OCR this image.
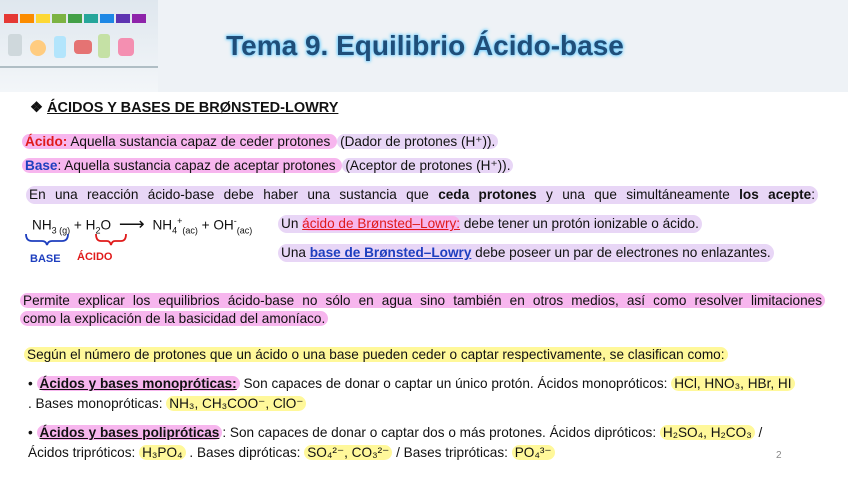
Tema 9. Equilibrio Ácido-base
❖ ÁCIDOS Y BASES DE BRØNSTED-LOWRY
Ácido: Aquella sustancia capaz de ceder protones (Dador de protones (H⁺)).
Base: Aquella sustancia capaz de aceptar protones (Aceptor de protones (H⁺)).
En una reacción ácido-base debe haber una sustancia que ceda protones y una que simultáneamente los acepte:
$NH_{3 (g)} + H_2O$ ⟶ $NH_4^+_{(ac)} + OH^-_{(ac)}$
BASE ÁCIDO
Un ácido de Brønsted–Lowry: debe tener un protón ionizable o ácido.
Una base de Brønsted–Lowry debe poseer un par de electrones no enlazantes.
Permite explicar los equilibrios ácido-base no sólo en agua sino también en otros medios, así como resolver limitaciones
como la explicación de la basicidad del amoníaco.
Según el número de protones que un ácido o una base pueden ceder o captar respectivamente, se clasifican como:
• Ácidos y bases monopróticas: Son capaces de donar o captar un único protón. Ácidos monopróticos: HCl, HNO₃, HBr, HI
. Bases monopróticas: NH₃, CH₃COO⁻, ClO⁻
• Ácidos y bases polipróticas : Son capaces de donar o captar dos o más protones. Ácidos dipróticos: H₂SO₄, H₂CO₃ /
Ácidos tripróticos: H₃PO₄ . Bases dipróticas: SO₄²⁻, CO₃²⁻ / Bases tripróticas: PO₄³⁻	2
